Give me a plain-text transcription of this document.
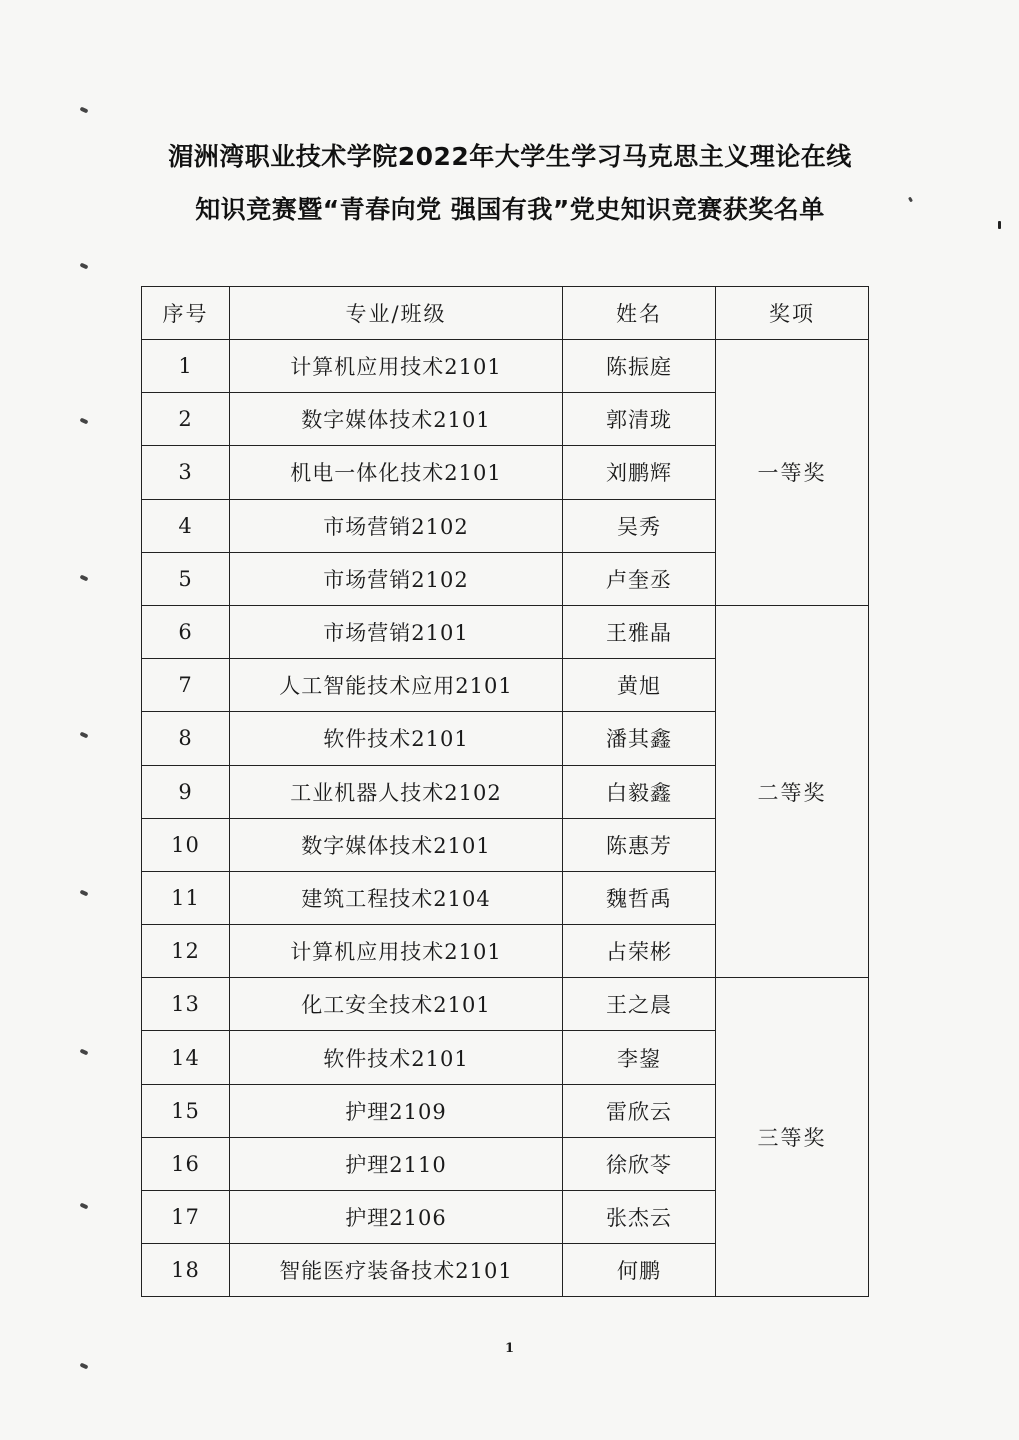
湄洲湾职业技术学院2022年大学生学习马克思主义理论在线
知识竞赛暨“青春向党 强国有我”党史知识竞赛获奖名单
序号	专业/班级	姓名	奖项
1	计算机应用技术2101	陈振庭	一等奖
2	数字媒体技术2101	郭清珑	
3	机电一体化技术2101	刘鹏辉	
4	市场营销2102	吴秀	
5	市场营销2102	卢奎丞	
6	市场营销2101	王雅晶	二等奖
7	人工智能技术应用2101	黄旭	
8	软件技术2101	潘其鑫	
9	工业机器人技术2102	白毅鑫	
10	数字媒体技术2101	陈惠芳	
11	建筑工程技术2104	魏哲禹	
12	计算机应用技术2101	占荣彬	
13	化工安全技术2101	王之晨	三等奖
14	软件技术2101	李鋆	
15	护理2109	雷欣云	
16	护理2110	徐欣苓	
17	护理2106	张杰云	
18	智能医疗装备技术2101	何鹏	
1
